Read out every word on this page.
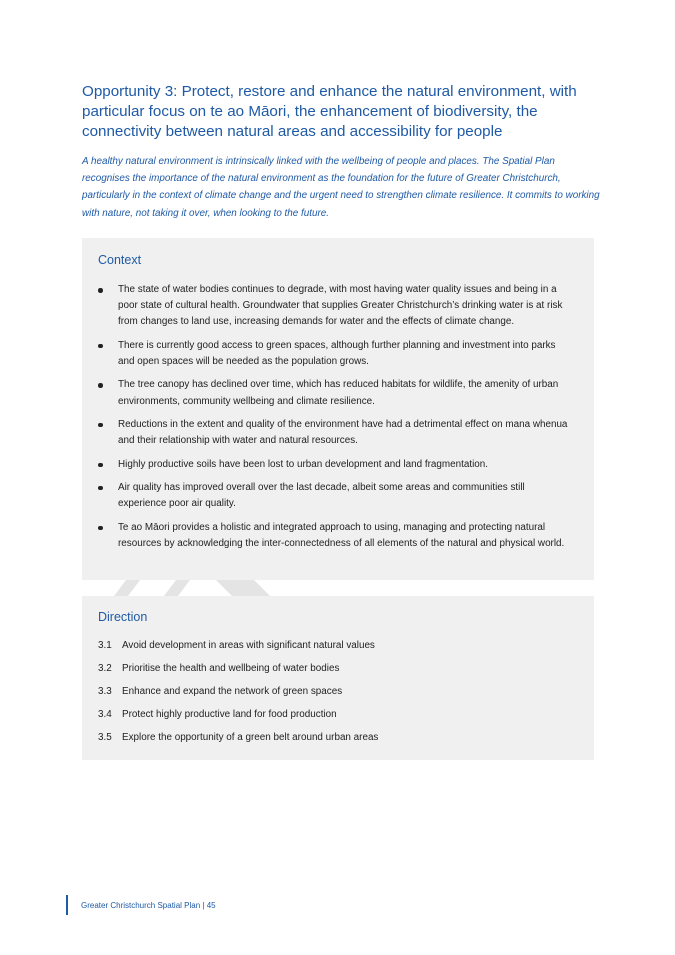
Opportunity 3: Protect, restore and enhance the natural environment, with particular focus on te ao Māori, the enhancement of biodiversity, the connectivity between natural areas and accessibility for people

A healthy natural environment is intrinsically linked with the wellbeing of people and places. The Spatial Plan recognises the importance of the natural environment as the foundation for the future of Greater Christchurch, particularly in the context of climate change and the urgent need to strengthen climate resilience. It commits to working with nature, not taking it over, when looking to the future.

Context
The state of water bodies continues to degrade, with most having water quality issues and being in a poor state of cultural health. Groundwater that supplies Greater Christchurch’s drinking water is at risk from changes to land use, increasing demands for water and the effects of climate change.
There is currently good access to green spaces, although further planning and investment into parks and open spaces will be needed as the population grows.
The tree canopy has declined over time, which has reduced habitats for wildlife, the amenity of urban environments, community wellbeing and climate resilience.
Reductions in the extent and quality of the environment have had a detrimental effect on mana whenua and their relationship with water and natural resources.
Highly productive soils have been lost to urban development and land fragmentation.
Air quality has improved overall over the last decade, albeit some areas and communities still experience poor air quality.
Te ao Māori provides a holistic and integrated approach to using, managing and protecting natural resources by acknowledging the inter-connectedness of all elements of the natural and physical world.
Direction
3.1 Avoid development in areas with significant natural values
3.2 Prioritise the health and wellbeing of water bodies
3.3 Enhance and expand the network of green spaces
3.4 Protect highly productive land for food production
3.5 Explore the opportunity of a green belt around urban areas
Greater Christchurch Spatial Plan | 45
